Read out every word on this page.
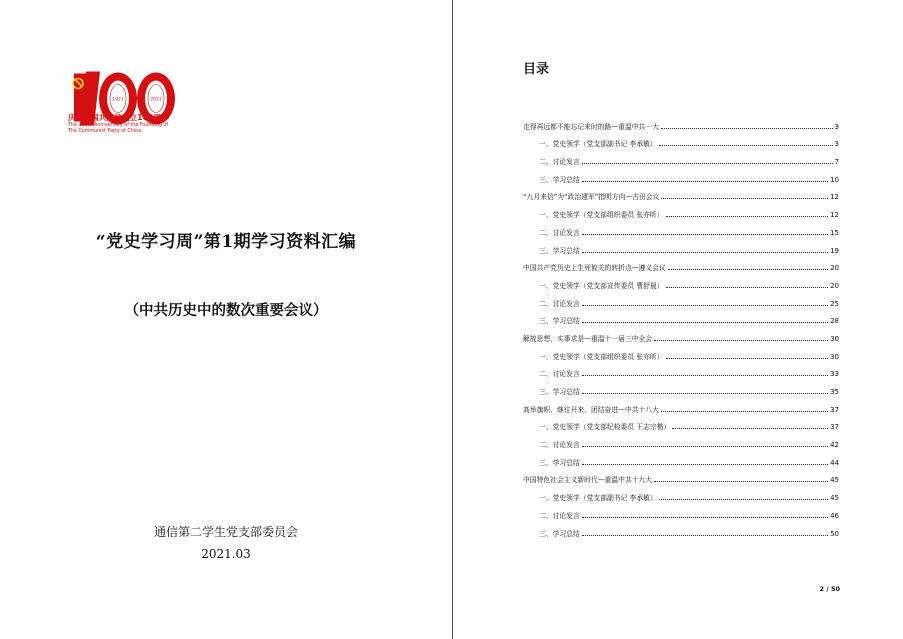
1921	2021
庆祝中国共产党成立100周年
The 100th Anniversary of the Founding of
The Communist Party of China
“党史学习周”第1期学习资料汇编
（中共历史中的数次重要会议）
通信第二学生党支部委员会
2021.03
目录
走得再远都不能忘记来时的路—重温中共一大	3
一、党史领学（党支部副书记 李承敏）	3
二、讨论发言	7
三、学习总结	10
“九月来信”为“政治建军”指明方向—古田会议	12
一、党史领学（党支部组织委员 张亦昕）	12
二、讨论发言	15
三、学习总结	19
中国共产党历史上生死攸关的转折点—遵义会议	20
一、党史领学（党支部宣传委员 曹舒晨）	20
二、讨论发言	25
三、学习总结	28
解放思想，实事求是—重温十一届三中全会	30
一、党史领学（党支部组织委员 张亦昕）	30
二、讨论发言	33
三、学习总结	35
高举旗帜、继往开来、团结奋进—中共十八大	37
一、党史领学（党支部纪检委员 王志宗楷）	37
二、讨论发言	42
三、学习总结	44
中国特色社会主义新时代—重温中共十九大	45
一、党史领学（党支部副书记 李承敏）	45
二、讨论发言	46
三、学习总结	50
2 / 50
